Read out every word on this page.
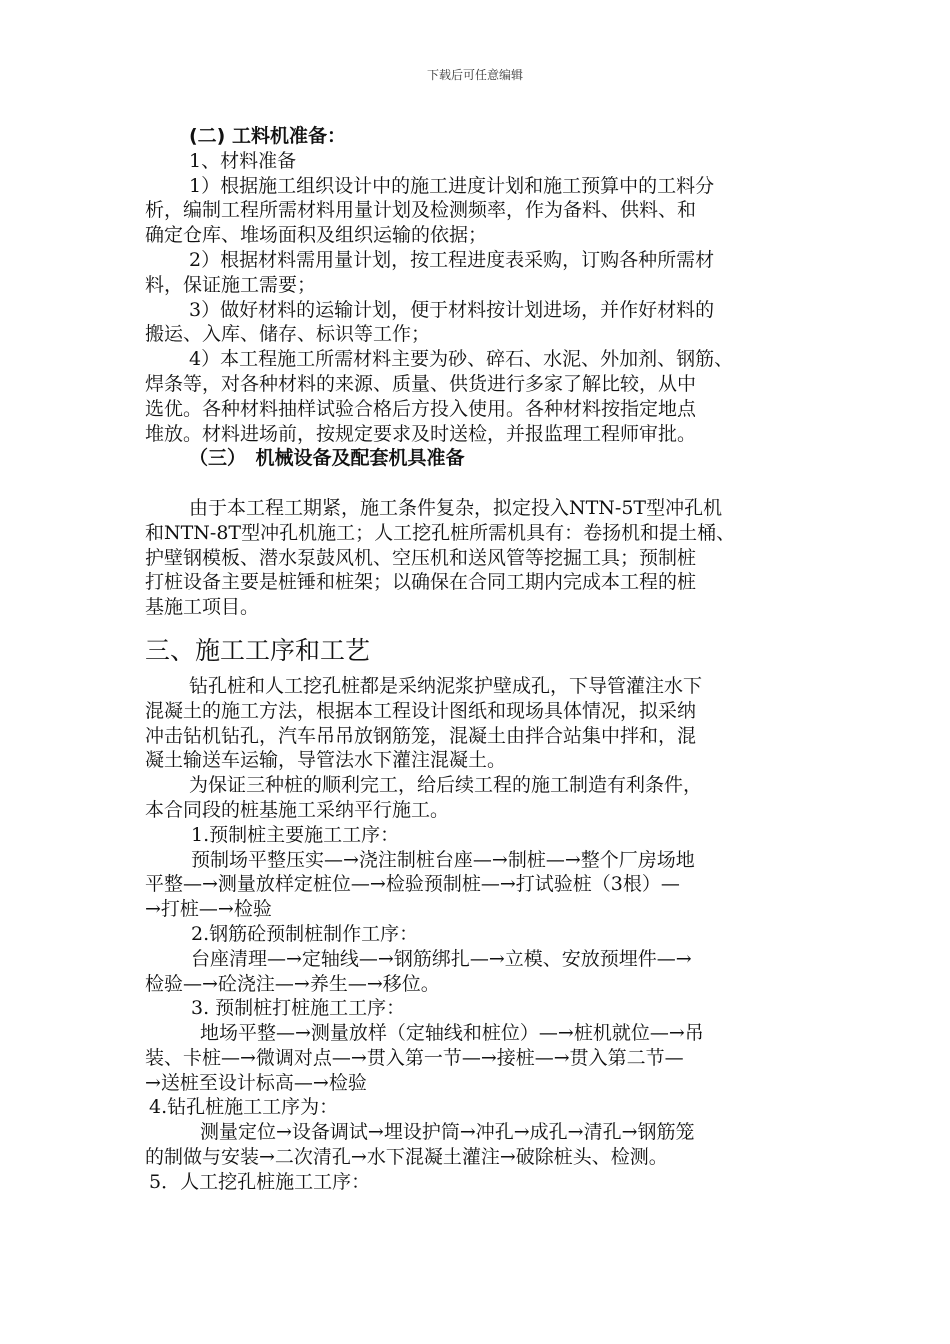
下载后可任意编辑
(二) 工料机准备：
1、材料准备
1）根据施工组织设计中的施工进度计划和施工预算中的工料分
析，编制工程所需材料用量计划及检测频率，作为备料、供料、和
确定仓库、堆场面积及组织运输的依据；
2）根据材料需用量计划，按工程进度表采购，订购各种所需材
料，保证施工需要；
3）做好材料的运输计划，便于材料按计划进场，并作好材料的
搬运、入库、储存、标识等工作；
4）本工程施工所需材料主要为砂、碎石、水泥、外加剂、钢筋、
焊条等，对各种材料的来源、质量、供货进行多家了解比较，从中
选优。各种材料抽样试验合格后方投入使用。各种材料按指定地点
堆放。材料进场前，按规定要求及时送检，并报监理工程师审批。
（三）　机械设备及配套机具准备
由于本工程工期紧，施工条件复杂，拟定投入NTN-5T型冲孔机
和NTN-8T型冲孔机施工；人工挖孔桩所需机具有：卷扬机和提土桶、
护壁钢模板、潜水泵鼓风机、空压机和送风管等挖掘工具；预制桩
打桩设备主要是桩锤和桩架；以确保在合同工期内完成本工程的桩
基施工项目。
三、施工工序和工艺
钻孔桩和人工挖孔桩都是采纳泥浆护壁成孔，下导管灌注水下
混凝土的施工方法，根据本工程设计图纸和现场具体情况，拟采纳
冲击钻机钻孔，汽车吊吊放钢筋笼，混凝土由拌合站集中拌和，混
凝土输送车运输，导管法水下灌注混凝土。
为保证三种桩的顺利完工，给后续工程的施工制造有利条件，
本合同段的桩基施工采纳平行施工。
1.预制桩主要施工工序：
预制场平整压实—→浇注制桩台座—→制桩—→整个厂房场地
平整—→测量放样定桩位—→检验预制桩—→打试验桩（3根）—
→打桩—→检验
2.钢筋砼预制桩制作工序：
台座清理—→定轴线—→钢筋绑扎—→立模、安放预埋件—→
检验—→砼浇注—→养生—→移位。
3. 预制桩打桩施工工序：
地场平整—→测量放样（定轴线和桩位）—→桩机就位—→吊
装、卡桩—→微调对点—→贯入第一节—→接桩—→贯入第二节—
→送桩至设计标高—→检验
4.钻孔桩施工工序为：
测量定位→设备调试→埋设护筒→冲孔→成孔→清孔→钢筋笼
的制做与安装→二次清孔→水下混凝土灌注→破除桩头、检测。
5．人工挖孔桩施工工序：
